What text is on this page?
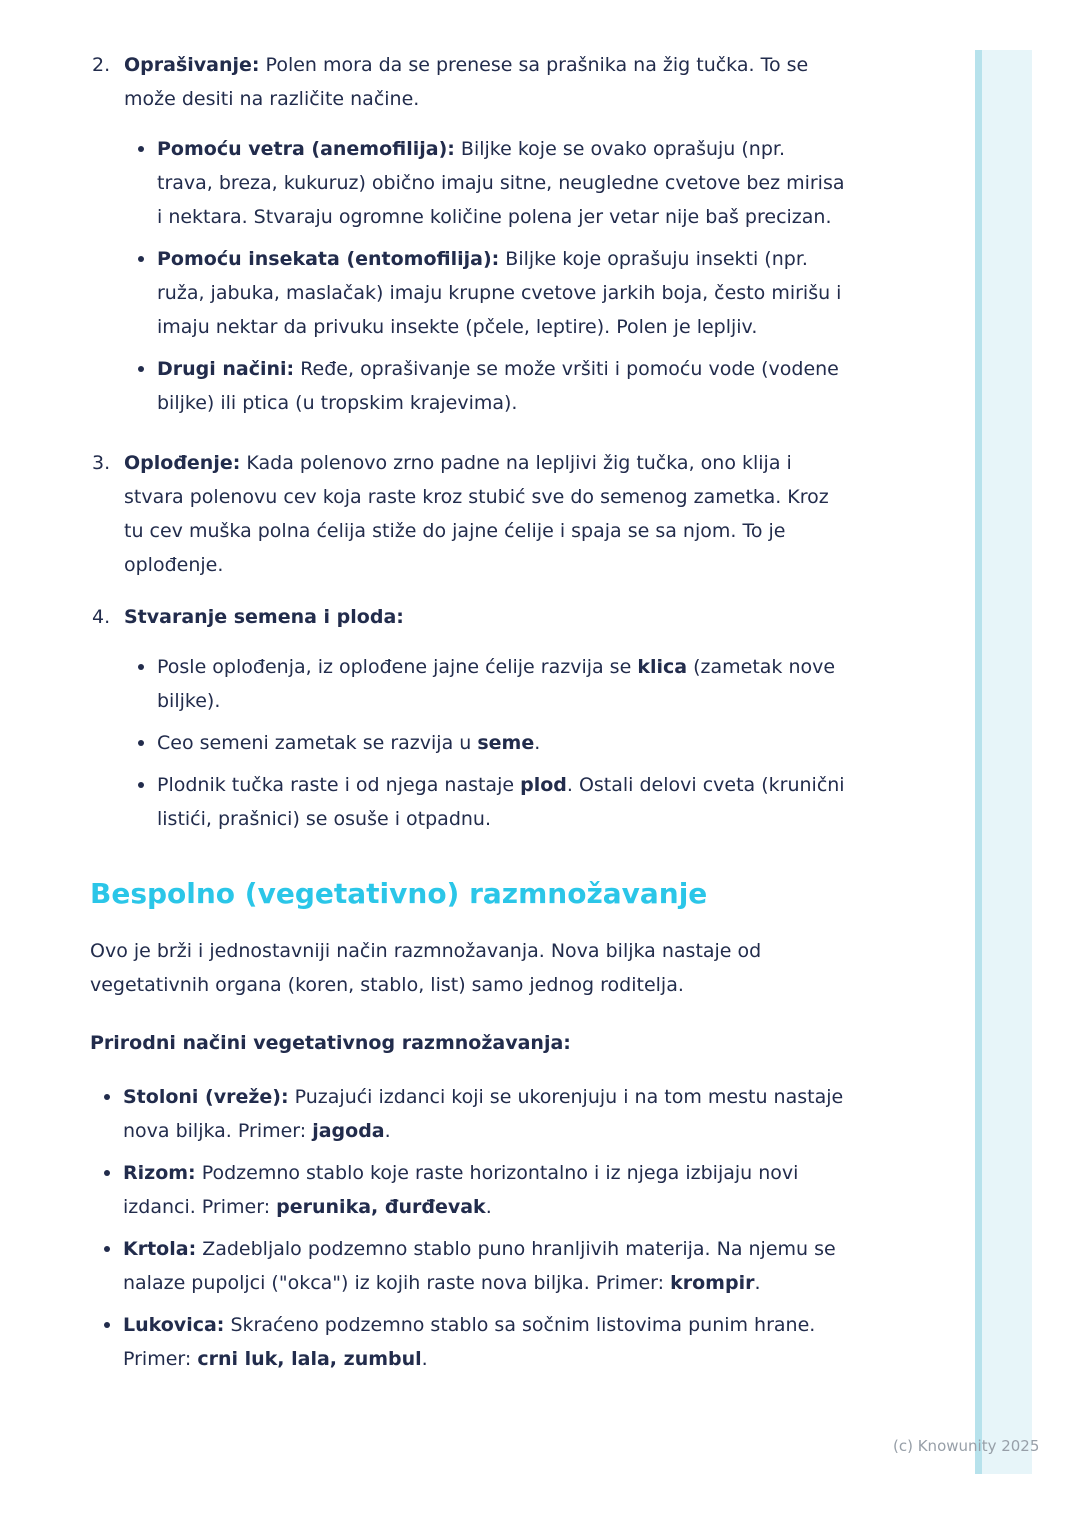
2. Oprašivanje: Polen mora da se prenese sa prašnika na žig tučka. To se može desiti na različite načine.
Pomoću vetra (anemofilija): Biljke koje se ovako oprašuju (npr. trava, breza, kukuruz) obično imaju sitne, neugledne cvetove bez mirisa i nektara. Stvaraju ogromne količine polena jer vetar nije baš precizan.
Pomoću insekata (entomofilija): Biljke koje oprašuju insekti (npr. ruža, jabuka, maslačak) imaju krupne cvetove jarkih boja, često mirišu i imaju nektar da privuku insekte (pčele, leptire). Polen je lepljiv.
Drugi načini: Ređe, oprašivanje se može vršiti i pomoću vode (vodene biljke) ili ptica (u tropskim krajevima).
3. Oplođenje: Kada polenovo zrno padne na lepljivi žig tučka, ono klija i stvara polenovu cev koja raste kroz stubić sve do semenog zametka. Kroz tu cev muška polna ćelija stiže do jajne ćelije i spaja se sa njom. To je oplođenje.
4. Stvaranje semena i ploda:
Posle oplođenja, iz oplođene jajne ćelije razvija se klica (zametak nove biljke).
Ceo semeni zametak se razvija u seme.
Plodnik tučka raste i od njega nastaje plod. Ostali delovi cveta (krunični listići, prašnici) se osuše i otpadnu.
Bespolno (vegetativno) razmnožavanje

Ovo je brži i jednostavniji način razmnožavanja. Nova biljka nastaje od vegetativnih organa (koren, stablo, list) samo jednog roditelja.

Prirodni načini vegetativnog razmnožavanja:

Stoloni (vreže): Puzajući izdanci koji se ukorenjuju i na tom mestu nastaje nova biljka. Primer: jagoda.
Rizom: Podzemno stablo koje raste horizontalno i iz njega izbijaju novi izdanci. Primer: perunika, đurđevak.
Krtola: Zadebljalo podzemno stablo puno hranljivih materija. Na njemu se nalaze pupoljci ("okca") iz kojih raste nova biljka. Primer: krompir.
Lukovica: Skraćeno podzemno stablo sa sočnim listovima punim hrane. Primer: crni luk, lala, zumbul.
(c) Knowunity 2025
